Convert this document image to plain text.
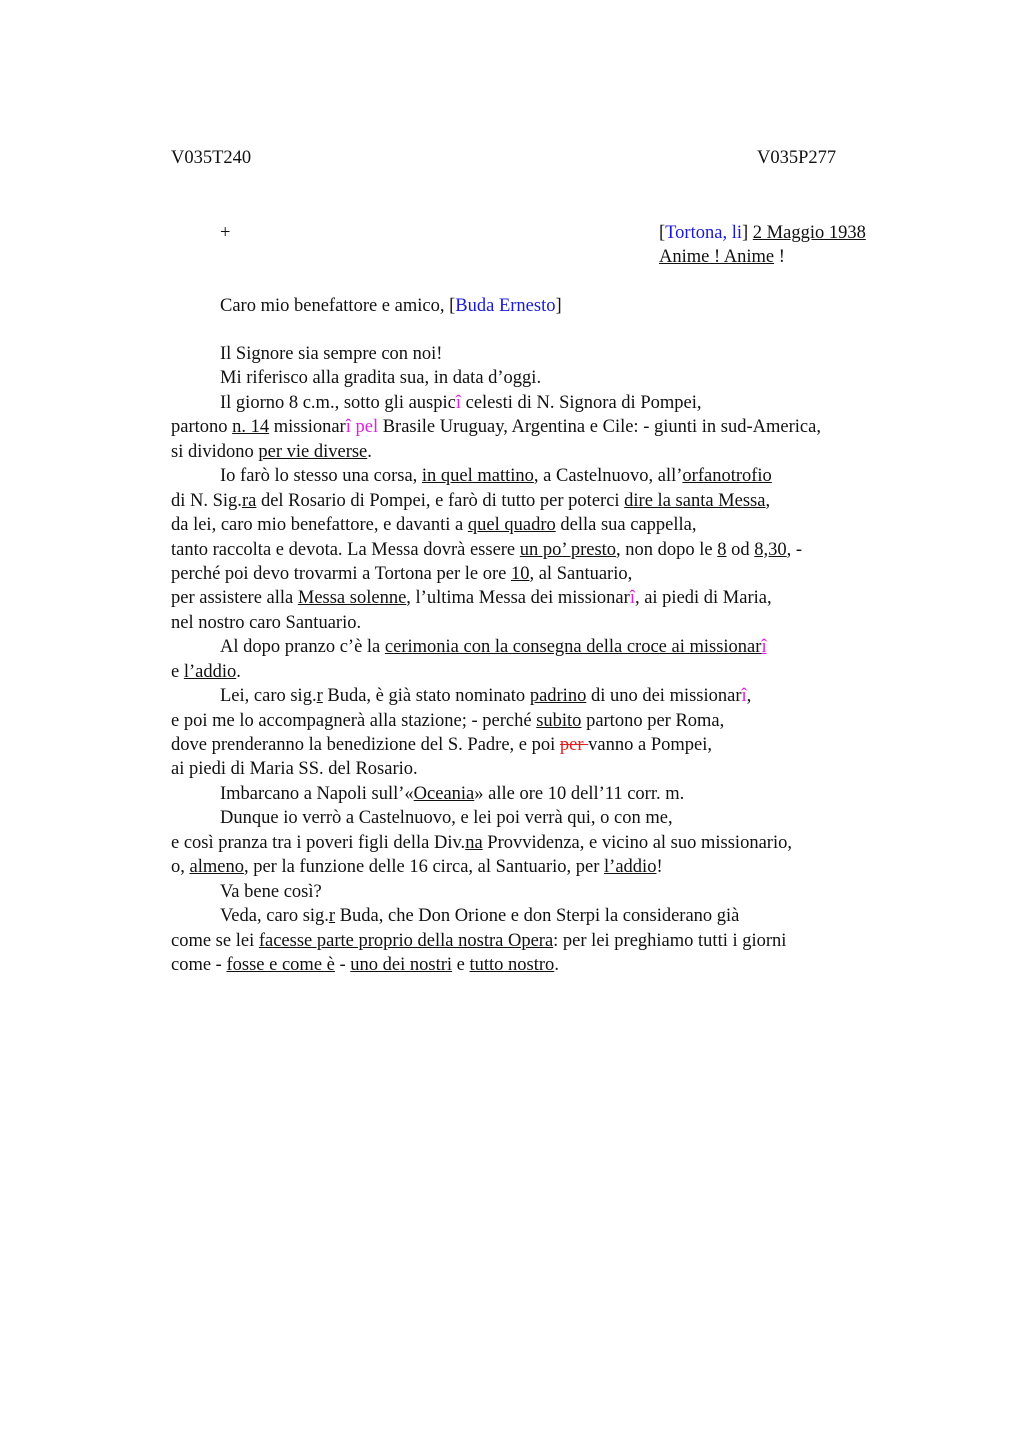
V035T240	V035P277
+	[Tortona, li] 2 Maggio 1938
Anime ! Anime !
Caro mio benefattore e amico, [Buda Ernesto]
Il Signore sia sempre con noi!
Mi riferisco alla gradita sua, in data d’oggi.
Il giorno 8 c.m., sotto gli auspicî celesti di N. Signora di Pompei,
partono n. 14 missionarî pel Brasile Uruguay, Argentina e Cile: - giunti in sud-America,
si dividono per vie diverse.
Io farò lo stesso una corsa, in quel mattino, a Castelnuovo, all’orfanotrofio
di N. Sig.ra del Rosario di Pompei, e farò di tutto per poterci dire la santa Messa,
da lei, caro mio benefattore, e davanti a quel quadro della sua cappella,
tanto raccolta e devota. La Messa dovrà essere un po’ presto, non dopo le 8 od 8,30, -
perché poi devo trovarmi a Tortona per le ore 10, al Santuario,
per assistere alla Messa solenne, l’ultima Messa dei missionarî, ai piedi di Maria,
nel nostro caro Santuario.
Al dopo pranzo c’è la cerimonia con la consegna della croce ai missionarî
e l’addio.
Lei, caro sig.r Buda, è già stato nominato padrino di uno dei missionarî,
e poi me lo accompagnerà alla stazione; - perché subito partono per Roma,
dove prenderanno la benedizione del S. Padre, e poi per vanno a Pompei,
ai piedi di Maria SS. del Rosario.
Imbarcano a Napoli sull’«Oceania» alle ore 10 dell’11 corr. m.
Dunque io verrò a Castelnuovo, e lei poi verrà qui, o con me,
e così pranza tra i poveri figli della Div.na Provvidenza, e vicino al suo missionario,
o, almeno, per la funzione delle 16 circa, al Santuario, per l’addio!
Va bene così?
Veda, caro sig.r Buda, che Don Orione e don Sterpi la considerano già
come se lei facesse parte proprio della nostra Opera: per lei preghiamo tutti i giorni
come - fosse e come è - uno dei nostri e tutto nostro.
